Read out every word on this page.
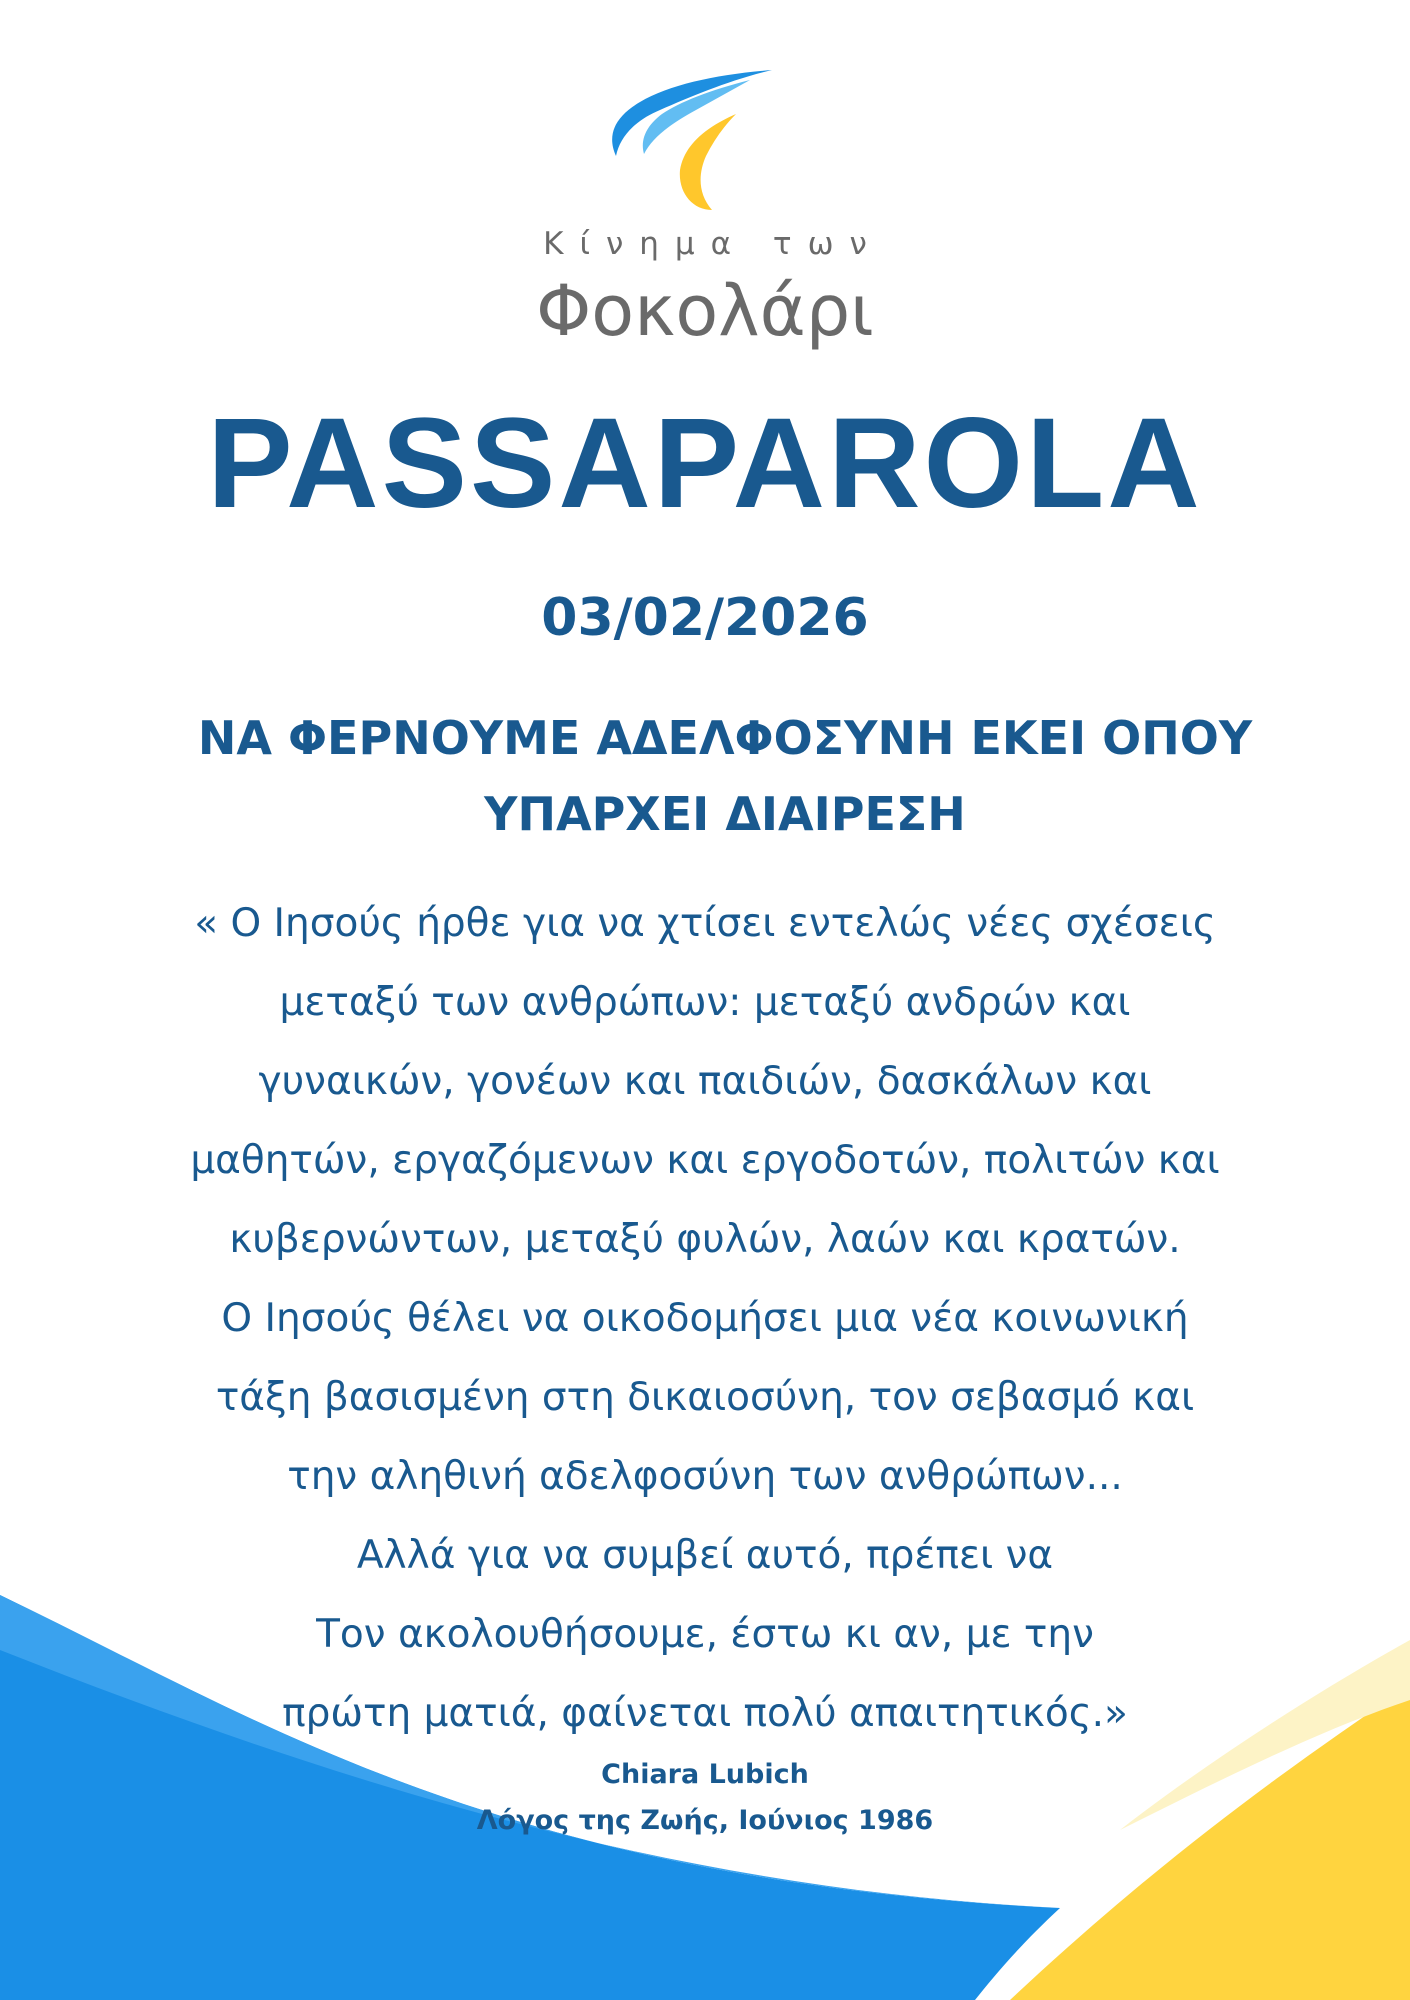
Κίνημα των
Φοκολάρι
PASSAPAROLA
03/02/2026
ΝΑ ΦΕΡΝΟΥΜΕ ΑΔΕΛΦΟΣΥΝΗ ΕΚΕΙ ΟΠΟΥ
ΥΠΑΡΧΕΙ ΔΙΑΙΡΕΣΗ
« Ο Ιησούς ήρθε για να χτίσει εντελώς νέες σχέσεις
μεταξύ των ανθρώπων: μεταξύ ανδρών και
γυναικών, γονέων και παιδιών, δασκάλων και
μαθητών, εργαζόμενων και εργοδοτών, πολιτών και
κυβερνώντων, μεταξύ φυλών, λαών και κρατών.
Ο Ιησούς θέλει να οικοδομήσει μια νέα κοινωνική
τάξη βασισμένη στη δικαιοσύνη, τον σεβασμό και
την αληθινή αδελφοσύνη των ανθρώπων...
Αλλά για να συμβεί αυτό, πρέπει να
Τον ακολουθήσουμε, έστω κι αν, με την
πρώτη ματιά, φαίνεται πολύ απαιτητικός.»
Chiara Lubich
Λόγος της Ζωής, Ιούνιος 1986
